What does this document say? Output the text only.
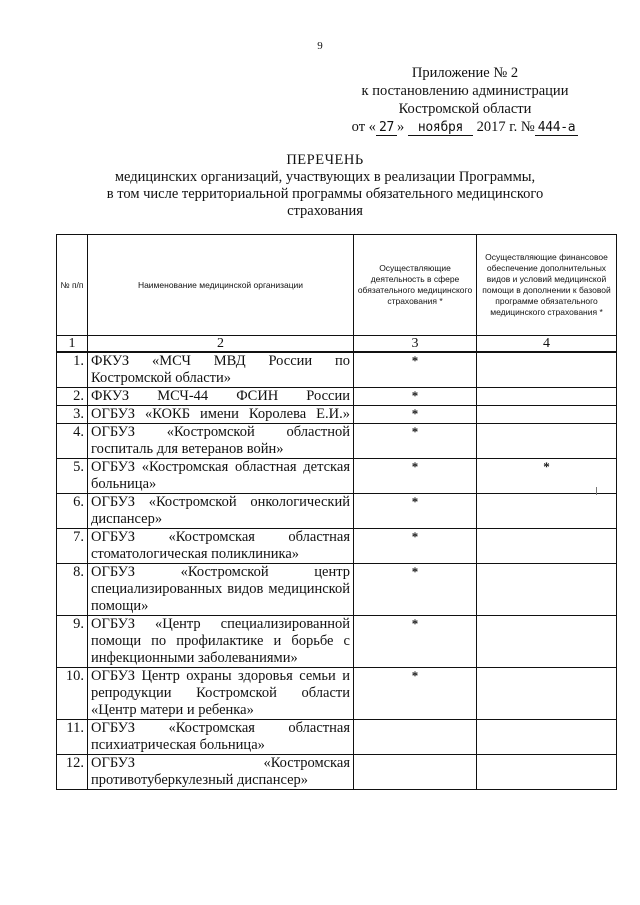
9
Приложение № 2
к постановлению администрации
Костромской области
от « 27 » ноября 2017 г. № 444-а
ПЕРЕЧЕНЬ
медицинских организаций, участвующих в реализации Программы,
в том числе территориальной программы обязательного медицинского
страхования
№ п/п	Наименование медицинской организации	Осуществляющие деятельность в сфере обязательного медицинского страхования *	Осуществляющие финансовое обеспечение дополнительных видов и условий медицинской помощи в дополнении к базовой программе обязательного медицинского страхования *
1	2	3	4
1.	ФКУЗ «МСЧ МВД России по Костромской области»	*	
2.	ФКУЗ МСЧ-44 ФСИН России	*	
3.	ОГБУЗ «КОКБ имени Королева Е.И.»	*	
4.	ОГБУЗ «Костромской областной госпиталь для ветеранов войн»	*	
5.	ОГБУЗ «Костромская областная детская больница»	*	*
6.	ОГБУЗ «Костромской онкологический диспансер»	*	
7.	ОГБУЗ «Костромская областная стоматологическая поликлиника»	*	
8.	ОГБУЗ «Костромской центр специализированных видов медицинской помощи»	*	
9.	ОГБУЗ «Центр специализированной помощи по профилактике и борьбе с инфекционными заболеваниями»	*	
10.	ОГБУЗ Центр охраны здоровья семьи и репродукции Костромской области «Центр матери и ребенка»	*	
11.	ОГБУЗ «Костромская областная психиатрическая больница»		
12.	ОГБУЗ «Костромская противотуберкулезный диспансер»		
